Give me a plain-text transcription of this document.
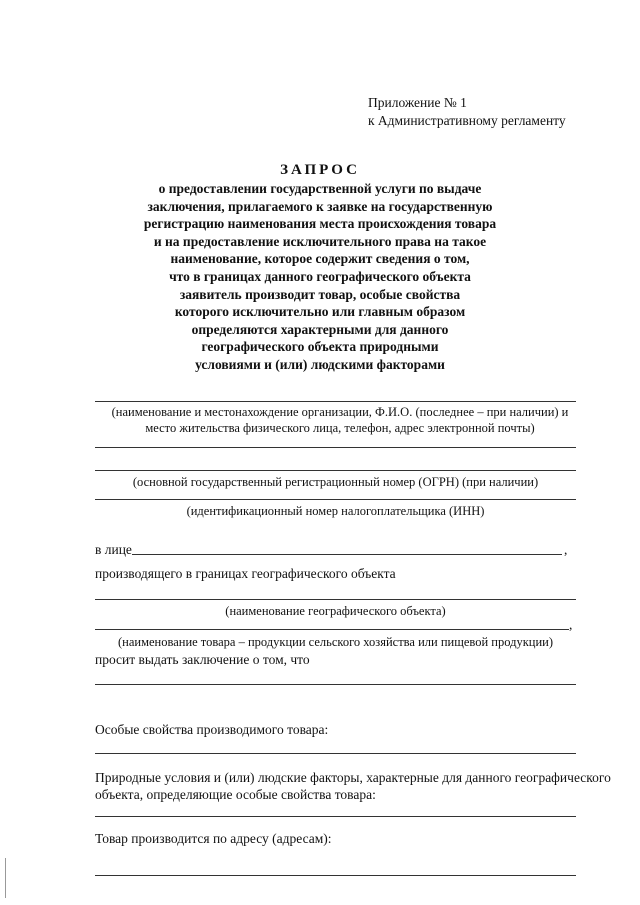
Приложение № 1
к Административному регламенту
ЗАПРОС
о предоставлении государственной услуги по выдаче
заключения, прилагаемого к заявке на государственную
регистрацию наименования места происхождения товара
и на предоставление исключительного права на такое
наименование, которое содержит сведения о том,
что в границах данного географического объекта
заявитель производит товар, особые свойства
которого исключительно или главным образом
определяются характерными для данного
географического объекта природными
условиями и (или) людскими факторами
(наименование и местонахождение организации, Ф.И.О. (последнее – при наличии) и
место жительства физического лица, телефон, адрес электронной почты)
(основной государственный регистрационный номер (ОГРН) (при наличии)
(идентификационный номер налогоплательщика (ИНН)
в лице	,
производящего в границах географического объекта
(наименование географического объекта)
,
(наименование товара – продукции сельского хозяйства или пищевой продукции)
просит выдать заключение о том, что
Особые свойства производимого товара:
Природные условия и (или) людские факторы, характерные для данного географического
объекта, определяющие особые свойства товара:
Товар производится по адресу (адресам):
